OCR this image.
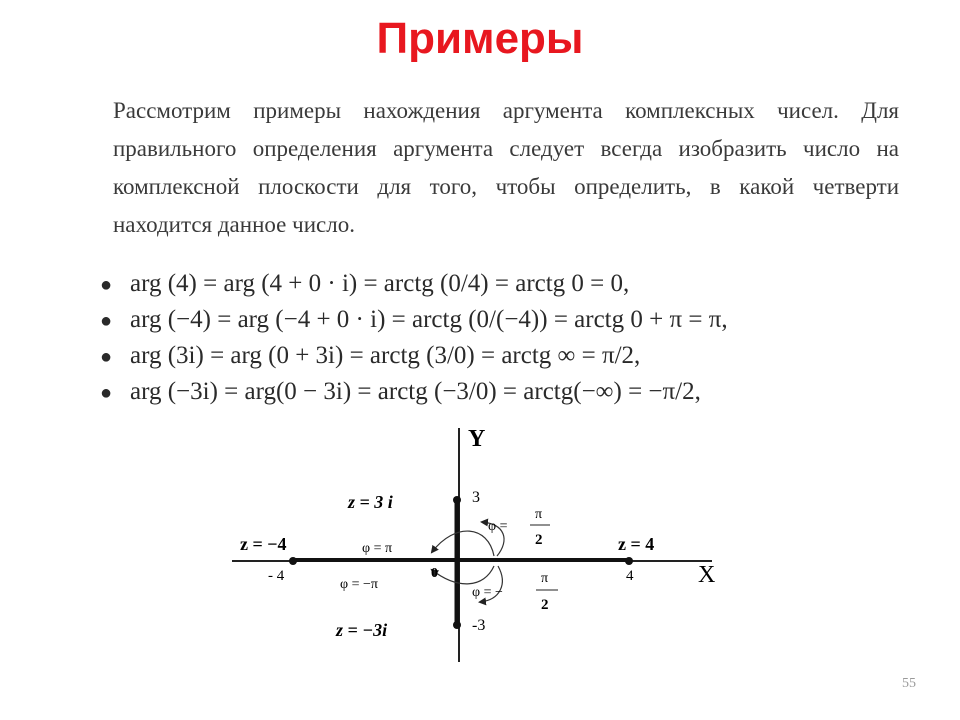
Примеры
Рассмотрим примеры нахождения аргумента комплексных чисел. Для правильного определения аргумента следует всегда изобразить число на комплексной плоскости для того, чтобы определить, в какой четверти находится данное число.
● arg (4) = arg (4 + 0 · i) = arctg (0/4) = arctg 0 = 0,
● arg (−4) = arg (−4 + 0 · i) = arctg (0/(−4)) = arctg 0 + π = π,
● arg (3i) = arg (0 + 3i) = arctg (3/0) = arctg ∞ = π/2,
● arg (−3i) = arg(0 − 3i) = arctg (−3/0) = arctg(−∞) = −π/2,
Y
X
0
3
-3
4
- 4
z = 3 i
z = 4
z = −4
z = −3i
φ = π
φ = −π
φ =
π
2
φ = −
π
2
55
